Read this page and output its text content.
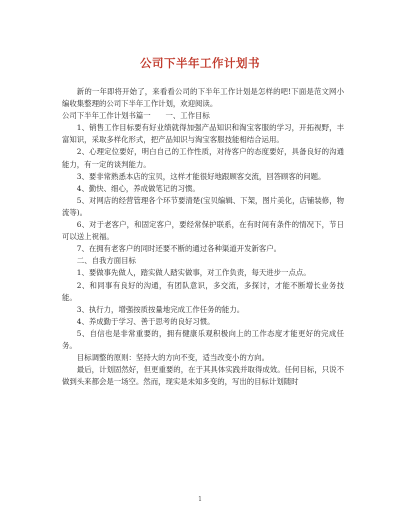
公司下半年工作计划书

新的一年即将开始了，来看看公司的下半年工作计划是怎样的吧!下面是范文网小编收集整理的公司下半年工作计划，欢迎阅读。

公司下半年工作计划书篇一　　一、工作目标

1、销售工作目标要有好业绩就得加强产品知识和淘宝客服的学习，开拓视野，丰富知识，采取多样化形式，把产品知识与淘宝客服技能相结合运用。

2、心理定位要好，明白自己的工作性质，对待客户的态度要好，具备良好的沟通能力，有一定的谈判能力。

3、要非常熟悉本店的宝贝，这样才能很好地跟顾客交流，回答顾客的问题。

4、勤快、细心，养成做笔记的习惯。

5、对网店的经营管理各个环节要清楚(宝贝编辑、下架，图片美化，店铺装修，物流等)。

6、对于老客户，和固定客户，要经常保护联系，在有时间有条件的情况下，节日可以送上祝福。

7、在拥有老客户的同时还要不断的通过各种渠道开发新客户。

二、自我方面目标

1、要做事先做人，踏实做人踏实做事，对工作负责，每天进步一点点。

2、和同事有良好的沟通，有团队意识，多交流，多探讨，才能不断增长业务技能。

3、执行力，增强按质按量地完成工作任务的能力。

4、养成勤于学习、善于思考的良好习惯。

5、自信也是非常重要的，拥有健康乐观积极向上的工作态度才能更好的完成任务。

目标调整的原则：坚持大的方向不变，适当改变小的方向。

最后，计划固然好，但更重要的，在于其具体实践并取得成效。任何目标，只说不做到头来都会是一场空。然而，现实是未知多变的，写出的目标计划随时

1
